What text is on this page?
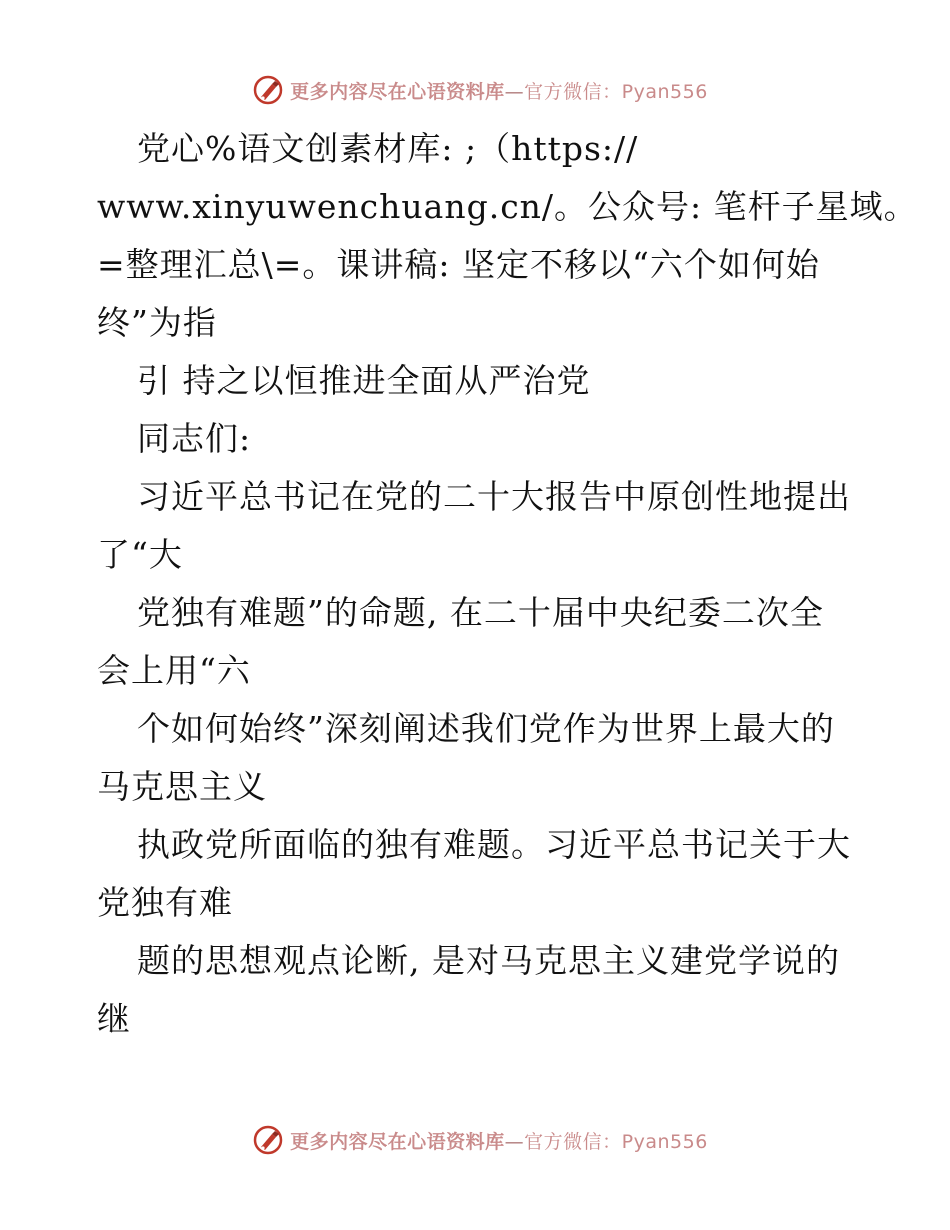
更多内容尽在心语资料库—官方微信：Pyan556
党心%语文创素材库: ;（https://
www.xinyuwenchuang.cn/。公众号: 笔杆子星域。
=整理汇总\=。课讲稿: 坚定不移以“六个如何始
终”为指
引 持之以恒推进全面从严治党
同志们:
习近平总书记在党的二十大报告中原创性地提出
了“大
党独有难题”的命题, 在二十届中央纪委二次全
会上用“六
个如何始终”深刻阐述我们党作为世界上最大的
马克思主义
执政党所面临的独有难题。习近平总书记关于大
党独有难
题的思想观点论断, 是对马克思主义建党学说的
继
更多内容尽在心语资料库—官方微信：Pyan556
